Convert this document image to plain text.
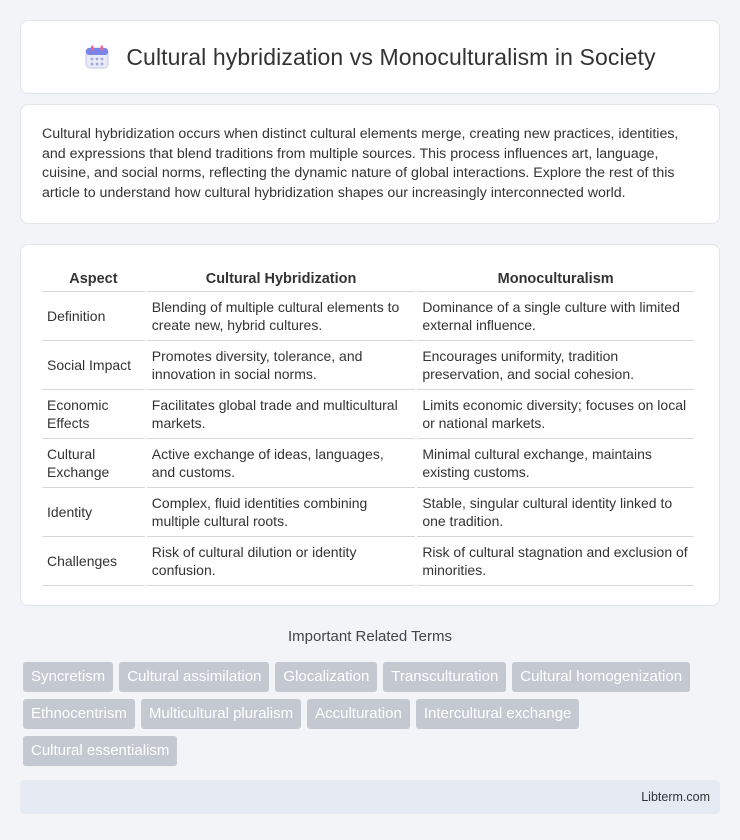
Cultural hybridization vs Monoculturalism in Society

Cultural hybridization occurs when distinct cultural elements merge, creating new practices, identities, and expressions that blend traditions from multiple sources. This process influences art, language, cuisine, and social norms, reflecting the dynamic nature of global interactions. Explore the rest of this article to understand how cultural hybridization shapes our increasingly interconnected world.

Aspect	Cultural Hybridization	Monoculturalism
Definition	Blending of multiple cultural elements to create new, hybrid cultures.	Dominance of a single culture with limited external influence.
Social Impact	Promotes diversity, tolerance, and innovation in social norms.	Encourages uniformity, tradition preservation, and social cohesion.
Economic Effects	Facilitates global trade and multicultural markets.	Limits economic diversity; focuses on local or national markets.
Cultural Exchange	Active exchange of ideas, languages, and customs.	Minimal cultural exchange, maintains existing customs.
Identity	Complex, fluid identities combining multiple cultural roots.	Stable, singular cultural identity linked to one tradition.
Challenges	Risk of cultural dilution or identity confusion.	Risk of cultural stagnation and exclusion of minorities.
Important Related Terms
Syncretism	Cultural assimilation	Glocalization	Transculturation	Cultural homogenization
Ethnocentrism	Multicultural pluralism	Acculturation	Intercultural exchange
Cultural essentialism
Libterm.com
